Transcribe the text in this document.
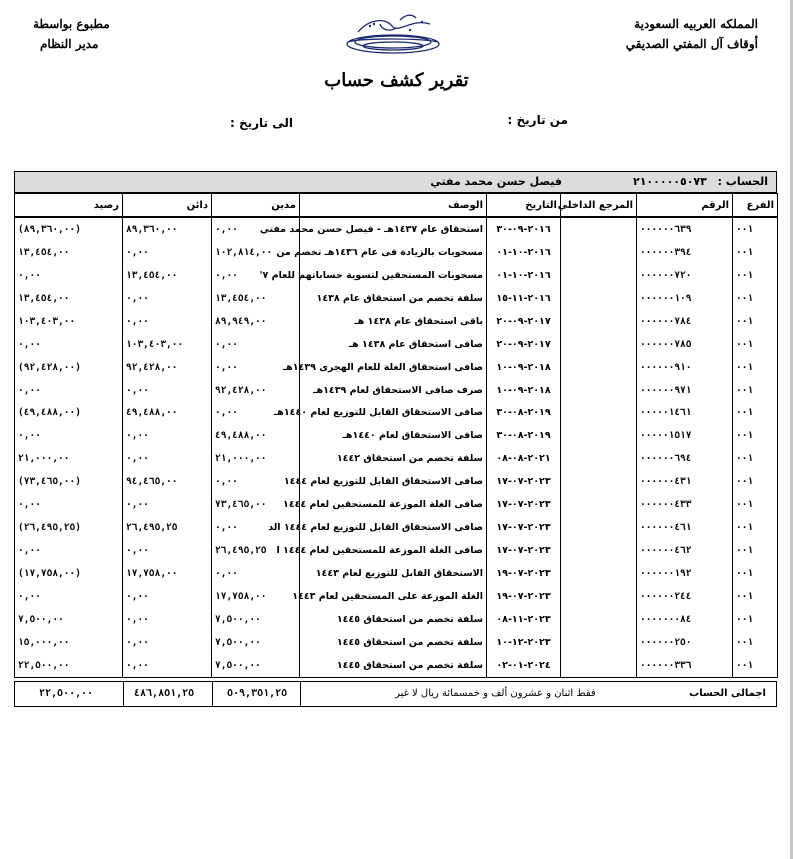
المملكه العربيه السعودية
أوقاف آل المفتي الصديقي
مطبوع بواسطة
مدير النظام
تقرير كشف حساب
من تاريخ :
الى تاريخ :
الحساب :
٢١٠٠٠٠٠٥٠٧٣
فيصل حسن محمد مفتي
رصيد	دائن	مدين	الوصف	التاريخ	المرجع الداخلي	الرقم	الفرع
(٨٩,٣٦٠,٠٠)	٨٩,٣٦٠,٠٠	٠,٠٠	استحقاق عام ١٤٣٧هـ - فيصل حسن محمد مفتي	٢٠١٦-٠٩-٣٠		٠٠٠٠٠٠٦٣٩	٠٠١
١٣,٤٥٤,٠٠	٠,٠٠	١٠٢,٨١٤,٠٠	مسحوبات بالزيادة فى عام ١٤٣٦هـ تخصم من	٢٠١٦-١٠-٠١		٠٠٠٠٠٠٣٩٤	٠٠١
٠,٠٠	١٣,٤٥٤,٠٠	٠,٠٠	مسحوبات المستحقين لتسوية حساباتهم للعام ٧'	٢٠١٦-١٠-٠١		٠٠٠٠٠٠٧٢٠	٠٠١
١٣,٤٥٤,٠٠	٠,٠٠	١٣,٤٥٤,٠٠	سلفة تخصم من استحقاق عام ١٤٣٨	٢٠١٦-١١-١٥		٠٠٠٠٠٠١٠٩	٠٠١
١٠٣,٤٠٣,٠٠	٠,٠٠	٨٩,٩٤٩,٠٠	باقى استحقاق عام ١٤٣٨ هـ	٢٠١٧-٠٩-٢٠		٠٠٠٠٠٠٧٨٤	٠٠١
٠,٠٠	١٠٣,٤٠٣,٠٠	٠,٠٠	صافى استحقاق عام ١٤٣٨ هـ	٢٠١٧-٠٩-٢٠		٠٠٠٠٠٠٧٨٥	٠٠١
(٩٢,٤٢٨,٠٠)	٩٢,٤٢٨,٠٠	٠,٠٠	صافى استحقاق الغلة للعام الهجرى ١٤٣٩هـ	٢٠١٨-٠٩-١٠		٠٠٠٠٠٠٩١٠	٠٠١
٠,٠٠	٠,٠٠	٩٢,٤٢٨,٠٠	صرف صافى الاستحقاق لعام ١٤٣٩هـ	٢٠١٨-٠٩-١٠		٠٠٠٠٠٠٩٧١	٠٠١
(٤٩,٤٨٨,٠٠)	٤٩,٤٨٨,٠٠	٠,٠٠	صافى الاستحقاق القابل للتوزيع لعام ١٤٤٠هـ	٢٠١٩-٠٨-٣٠		٠٠٠٠٠١٤٦١	٠٠١
٠,٠٠	٠,٠٠	٤٩,٤٨٨,٠٠	صافى الاستحقاق لعام ١٤٤٠هـ	٢٠١٩-٠٨-٣٠		٠٠٠٠٠١٥١٧	٠٠١
٢١,٠٠٠,٠٠	٠,٠٠	٢١,٠٠٠,٠٠	سلفة تخصم من استحقاق ١٤٤٢	٢٠٢١-٠٨-٠٨		٠٠٠٠٠٠٦٩٤	٠٠١
(٧٣,٤٦٥,٠٠)	٩٤,٤٦٥,٠٠	٠,٠٠	صافى الاستحقاق القابل للتوزيع لعام ١٤٤٤	٢٠٢٣-٠٧-١٧		٠٠٠٠٠٠٤٣١	٠٠١
٠,٠٠	٠,٠٠	٧٣,٤٦٥,٠٠	صافى الغلة الموزعة للمستحقين لعام ١٤٤٤	٢٠٢٣-٠٧-١٧		٠٠٠٠٠٠٤٣٣	٠٠١
(٢٦,٤٩٥,٢٥)	٢٦,٤٩٥,٢٥	٠,٠٠	صافى الاستحقاق القابل للتوزيع لعام ١٤٤٤ الد	٢٠٢٣-٠٧-١٧		٠٠٠٠٠٠٤٦١	٠٠١
٠,٠٠	٠,٠٠	٢٦,٤٩٥,٢٥	صافى الغلة الموزعة للمستحقين لعام ١٤٤٤ ا	٢٠٢٣-٠٧-١٧		٠٠٠٠٠٠٤٦٢	٠٠١
(١٧,٧٥٨,٠٠)	١٧,٧٥٨,٠٠	٠,٠٠	الاستحقاق القابل للتوزيع لعام ١٤٤٣	٢٠٢٣-٠٧-١٩		٠٠٠٠٠٠١٩٢	٠٠١
٠,٠٠	٠,٠٠	١٧,٧٥٨,٠٠	الغلة الموزعة على المستحقين لعام ١٤٤٣	٢٠٢٣-٠٧-١٩		٠٠٠٠٠٠٢٤٤	٠٠١
٧,٥٠٠,٠٠	٠,٠٠	٧,٥٠٠,٠٠	سلفة تخصم من استحقاق ١٤٤٥	٢٠٢٣-١١-٠٨		٠٠٠٠٠٠٠٨٤	٠٠١
١٥,٠٠٠,٠٠	٠,٠٠	٧,٥٠٠,٠٠	سلفة تخصم من استحقاق ١٤٤٥	٢٠٢٣-١٢-١٠		٠٠٠٠٠٠٢٥٠	٠٠١
٢٢,٥٠٠,٠٠	٠,٠٠	٧,٥٠٠,٠٠	سلفة تخصم من استحقاق ١٤٤٥	٢٠٢٤-٠١-٠٢		٠٠٠٠٠٠٣٣٦	٠٠١
٢٢,٥٠٠,٠٠	٤٨٦,٨٥١,٢٥	٥٠٩,٣٥١,٢٥	اجمالى الحساب فقط اثنان و عشرون ألف و خمسمائة ريال لا غير
